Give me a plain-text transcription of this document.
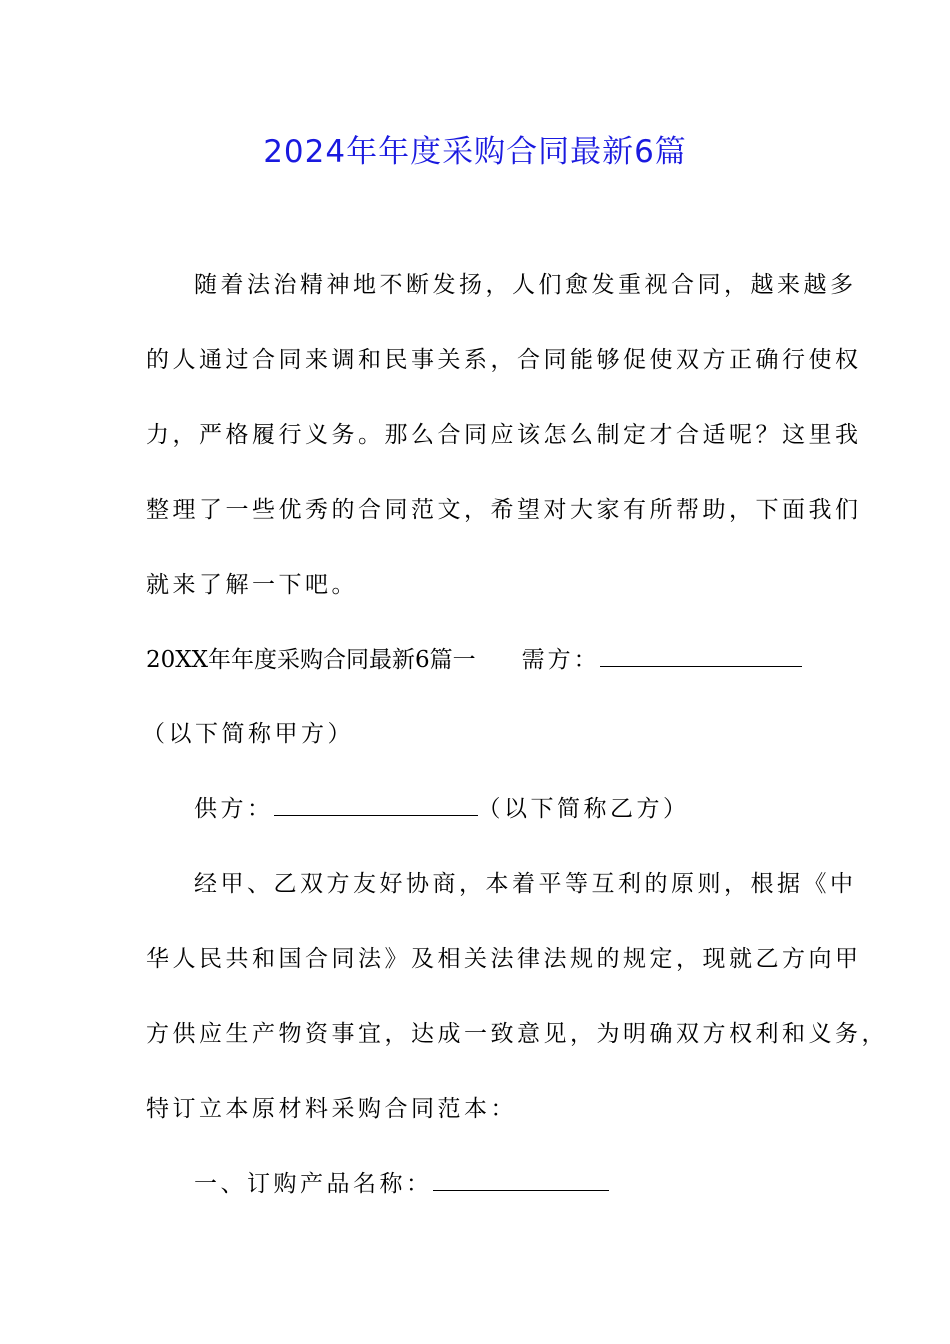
2024年年度采购合同最新6篇
随着法治精神地不断发扬，人们愈发重视合同，越来越多
的人通过合同来调和民事关系，合同能够促使双方正确行使权
力，严格履行义务。那么合同应该怎么制定才合适呢？这里我
整理了一些优秀的合同范文，希望对大家有所帮助，下面我们
就来了解一下吧。
20XX年年度采购合同最新6篇一 需方：
（以下简称甲方）
供方：	（以下简称乙方）
经甲、乙双方友好协商，本着平等互利的原则，根据《中
华人民共和国合同法》及相关法律法规的规定，现就乙方向甲
方供应生产物资事宜，达成一致意见，为明确双方权利和义务，
特订立本原材料采购合同范本：
一、订购产品名称：
